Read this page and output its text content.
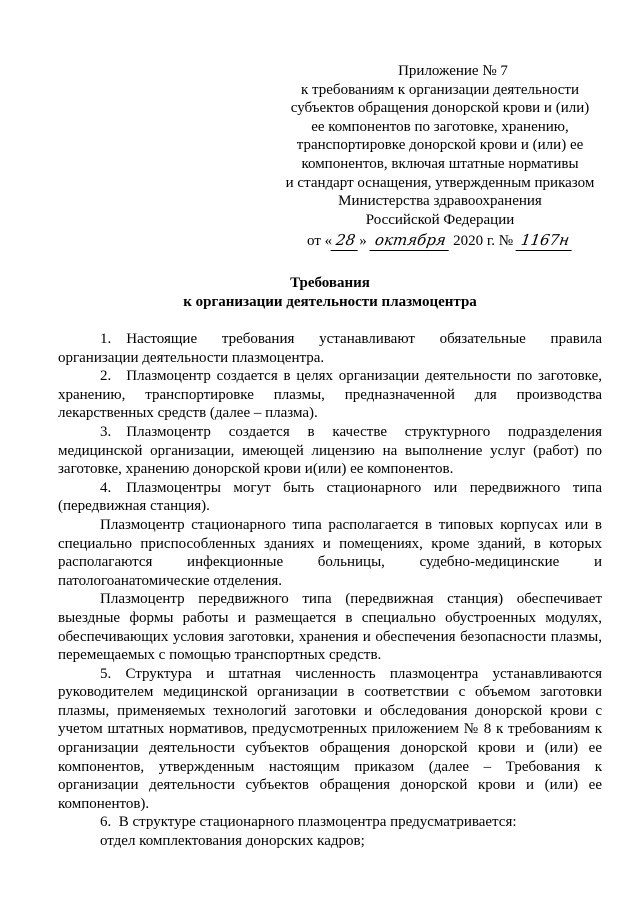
Приложение № 7
к требованиям к организации деятельности
субъектов обращения донорской крови и (или)
ее компонентов по заготовке, хранению,
транспортировке донорской крови и (или) ее
компонентов, включая штатные нормативы
и стандарт оснащения, утвержденным приказом
Министерства здравоохранения
Российской Федерации
от « 28 » октября 2020 г. № 1167н
Требования
к организации деятельности плазмоцентра

1. Настоящие требования устанавливают обязательные правила организации деятельности плазмоцентра.

2. Плазмоцентр создается в целях организации деятельности по заготовке, хранению, транспортировке плазмы, предназначенной для производства лекарственных средств (далее – плазма).

3. Плазмоцентр создается в качестве структурного подразделения медицинской организации, имеющей лицензию на выполнение услуг (работ) по заготовке, хранению донорской крови и(или) ее компонентов.

4. Плазмоцентры могут быть стационарного или передвижного типа (передвижная станция).

Плазмоцентр стационарного типа располагается в типовых корпусах или в специально приспособленных зданиях и помещениях, кроме зданий, в которых располагаются инфекционные больницы, судебно-медицинские и патологоанатомические отделения.

Плазмоцентр передвижного типа (передвижная станция) обеспечивает выездные формы работы и размещается в специально обустроенных модулях, обеспечивающих условия заготовки, хранения и обеспечения безопасности плазмы, перемещаемых с помощью транспортных средств.

5. Структура и штатная численность плазмоцентра устанавливаются руководителем медицинской организации в соответствии с объемом заготовки плазмы, применяемых технологий заготовки и обследования донорской крови с учетом штатных нормативов, предусмотренных приложением № 8 к требованиям к организации деятельности субъектов обращения донорской крови и (или) ее компонентов, утвержденным настоящим приказом (далее – Требования к организации деятельности субъектов обращения донорской крови и (или) ее компонентов).

6. В структуре стационарного плазмоцентра предусматривается:

отдел комплектования донорских кадров;
